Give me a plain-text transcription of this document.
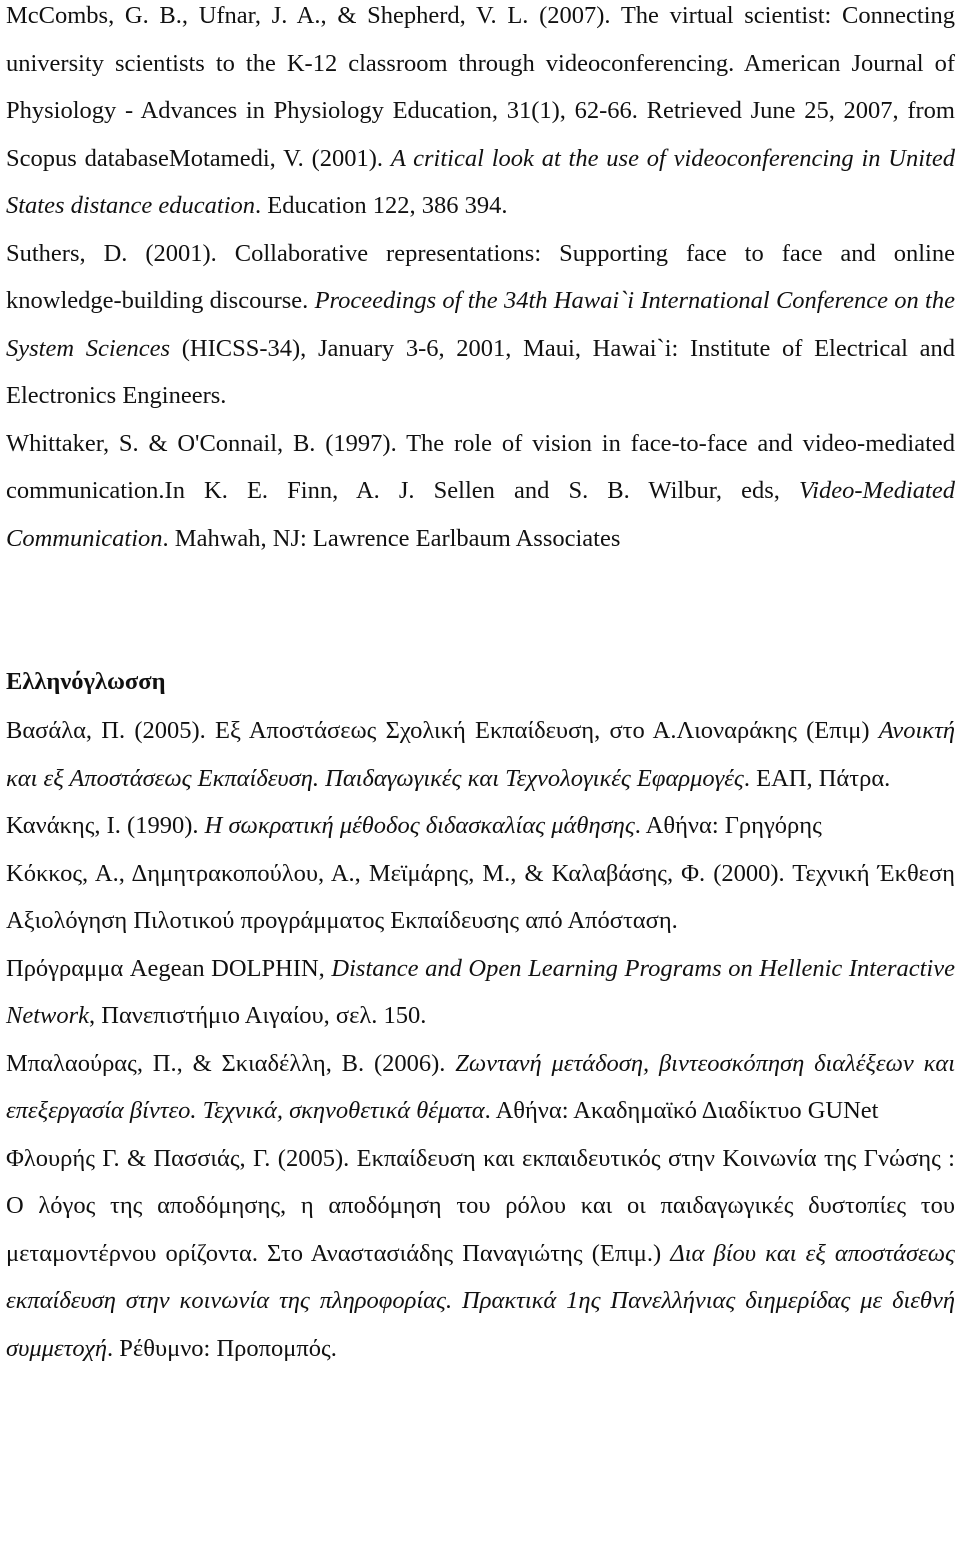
McCombs, G. B., Ufnar, J. A., & Shepherd, V. L. (2007). The virtual scientist: Connecting university scientists to the K-12 classroom through videoconferencing. American Journal of Physiology - Advances in Physiology Education, 31(1), 62-66. Retrieved June 25, 2007, from Scopus databaseMotamedi, V. (2001). A critical look at the use of videoconferencing in United States distance education. Education 122, 386 394.

Suthers, D. (2001). Collaborative representations: Supporting face to face and online knowledge-building discourse. Proceedings of the 34th Hawai`i International Conference on the System Sciences (HICSS-34), January 3-6, 2001, Maui, Hawai`i: Institute of Electrical and Electronics Engineers.

Whittaker, S. & O'Connail, B. (1997). The role of vision in face-to-face and video-mediated communication.In K. E. Finn, A. J. Sellen and S. B. Wilbur, eds, Video-Mediated Communication. Mahwah, NJ: Lawrence Earlbaum Associates

Ελληνόγλωσση

Βασάλα, Π. (2005). Εξ Αποστάσεως Σχολική Εκπαίδευση, στο Α.Λιοναράκης (Επιμ) Ανοικτή και εξ Αποστάσεως Εκπαίδευση. Παιδαγωγικές και Τεχνολογικές Εφαρμογές. ΕΑΠ, Πάτρα.

Κανάκης, Ι. (1990). Η σωκρατική μέθοδος διδασκαλίας μάθησης. Αθήνα: Γρηγόρης

Κόκκος, Α., Δημητρακοπούλου, Α., Μεϊμάρης, Μ., & Καλαβάσης, Φ. (2000). Τεχνική Έκθεση Αξιολόγηση Πιλοτικού προγράμματος Εκπαίδευσης από Απόσταση.

Πρόγραμμα Aegean DOLPHIN, Distance and Open Learning Programs on Hellenic Interactive Network, Πανεπιστήμιο Αιγαίου, σελ. 150.

Μπαλαούρας, Π., & Σκιαδέλλη, Β. (2006). Ζωντανή μετάδοση, βιντεοσκόπηση διαλέξεων και επεξεργασία βίντεο. Τεχνικά, σκηνοθετικά θέματα. Αθήνα: Ακαδημαϊκό Διαδίκτυο GUNet

Φλουρής Γ. & Πασσιάς, Γ. (2005). Εκπαίδευση και εκπαιδευτικός στην Κοινωνία της Γνώσης : Ο λόγος της αποδόμησης, η αποδόμηση του ρόλου και οι παιδαγωγικές δυστοπίες του μεταμοντέρνου ορίζοντα. Στο Αναστασιάδης Παναγιώτης (Επιμ.) Δια βίου και εξ αποστάσεως εκπαίδευση στην κοινωνία της πληροφορίας. Πρακτικά 1ης Πανελλήνιας διημερίδας με διεθνή συμμετοχή. Ρέθυμνο: Προπομπός.
